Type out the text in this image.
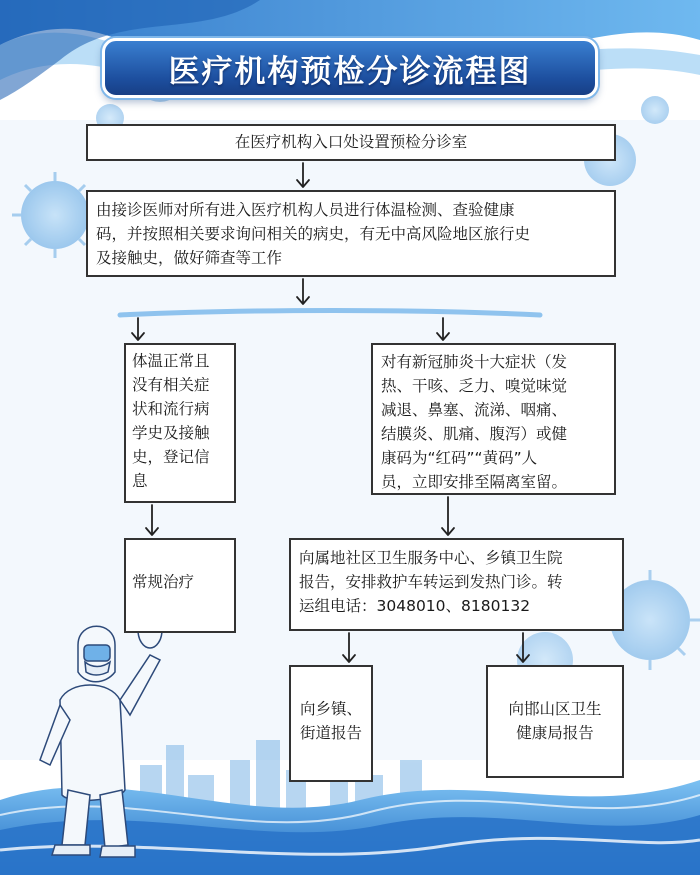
医疗机构预检分诊流程图
在医疗机构入口处设置预检分诊室
由接诊医师对所有进入医疗机构人员进行体温检测、查验健康
码，并按照相关要求询问相关的病史，有无中高风险地区旅行史
及接触史，做好筛查等工作
体温正常且
没有相关症
状和流行病
学史及接触
史，登记信
息
对有新冠肺炎十大症状（发
热、干咳、乏力、嗅觉味觉
减退、鼻塞、流涕、咽痛、
结膜炎、肌痛、腹泻）或健
康码为“红码”“黄码”人
员，立即安排至隔离室留。
常规治疗
向属地社区卫生服务中心、乡镇卫生院
报告，安排救护车转运到发热门诊。转
运组电话：3048010、8180132
向乡镇、
街道报告
向邯山区卫生
健康局报告
